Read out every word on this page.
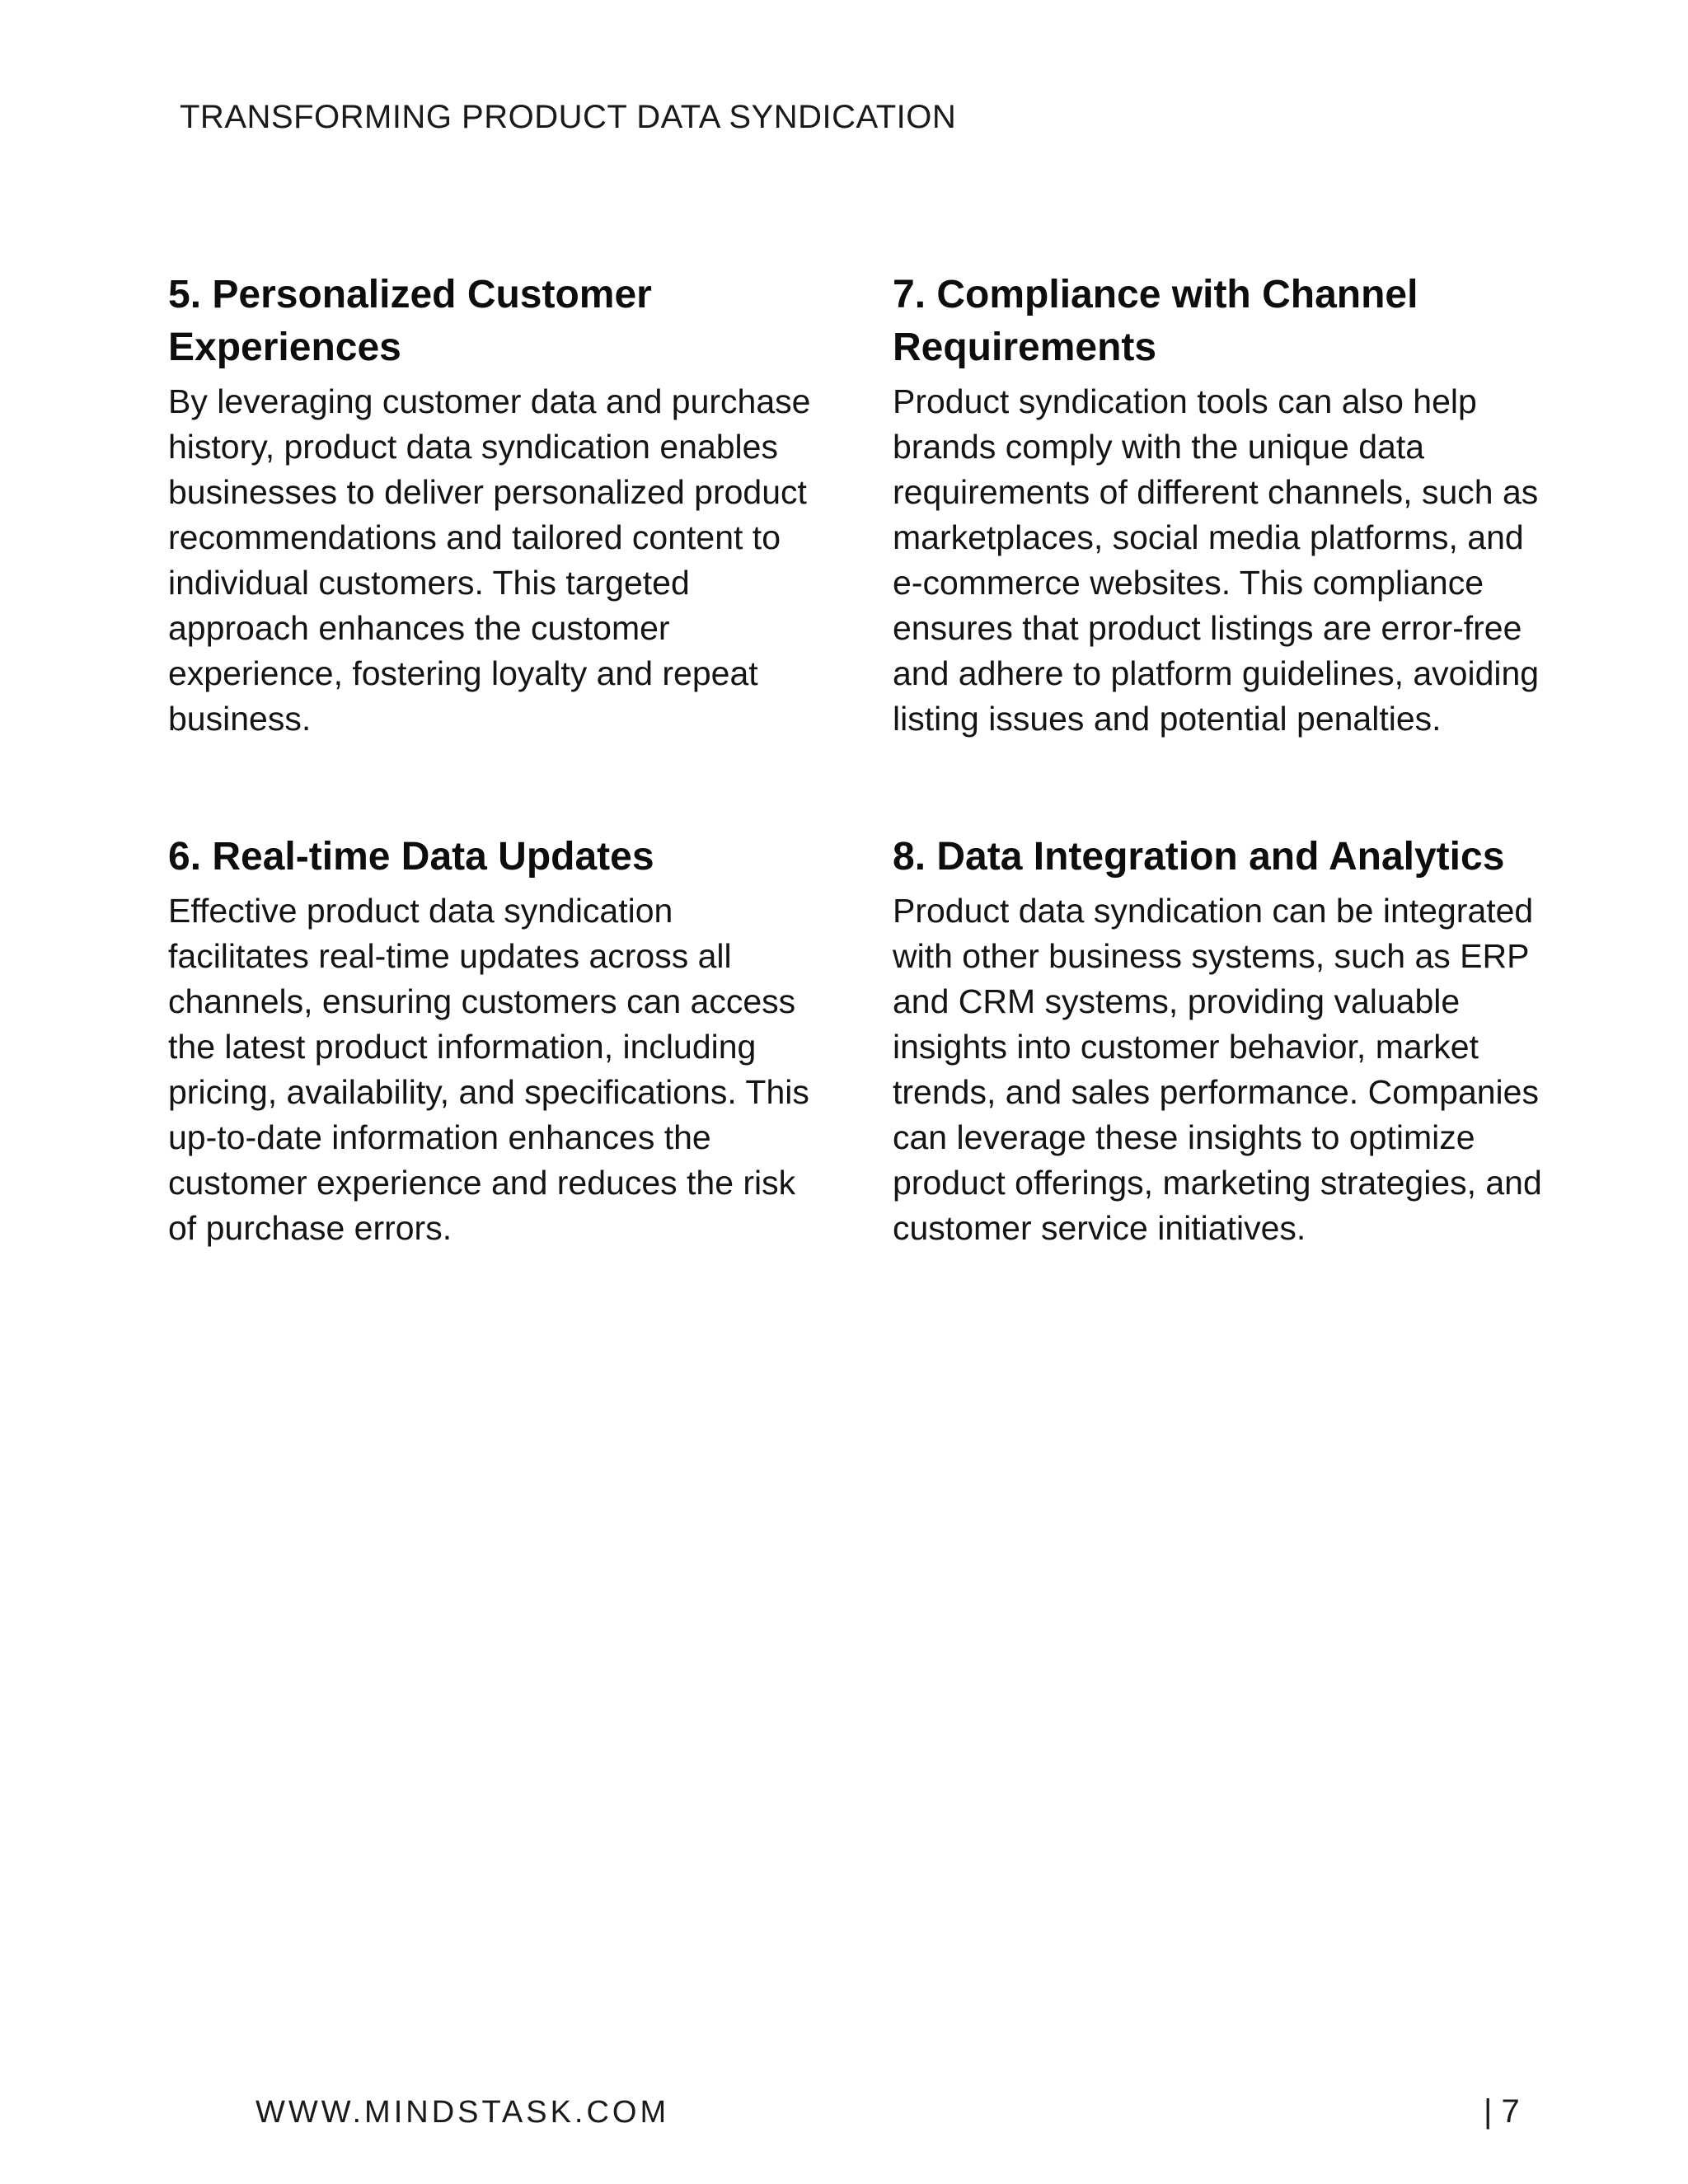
TRANSFORMING PRODUCT DATA SYNDICATION
5. Personalized Customer Experiences

By leveraging customer data and purchase history, product data syndication enables businesses to deliver personalized product recommendations and tailored content to individual customers. This targeted approach enhances the customer experience, fostering loyalty and repeat business.

6. Real-time Data Updates

Effective product data syndication facilitates real-time updates across all channels, ensuring customers can access the latest product information, including pricing, availability, and specifications. This up-to-date information enhances the customer experience and reduces the risk of purchase errors.

7. Compliance with Channel Requirements

Product syndication tools can also help brands comply with the unique data requirements of different channels, such as marketplaces, social media platforms, and e-commerce websites. This compliance ensures that product listings are error-free and adhere to platform guidelines, avoiding listing issues and potential penalties.

8. Data Integration and Analytics

Product data syndication can be integrated with other business systems, such as ERP and CRM systems, providing valuable insights into customer behavior, market trends, and sales performance. Companies can leverage these insights to optimize product offerings, marketing strategies, and customer service initiatives.

WWW.MINDSTASK.COM	| 7
